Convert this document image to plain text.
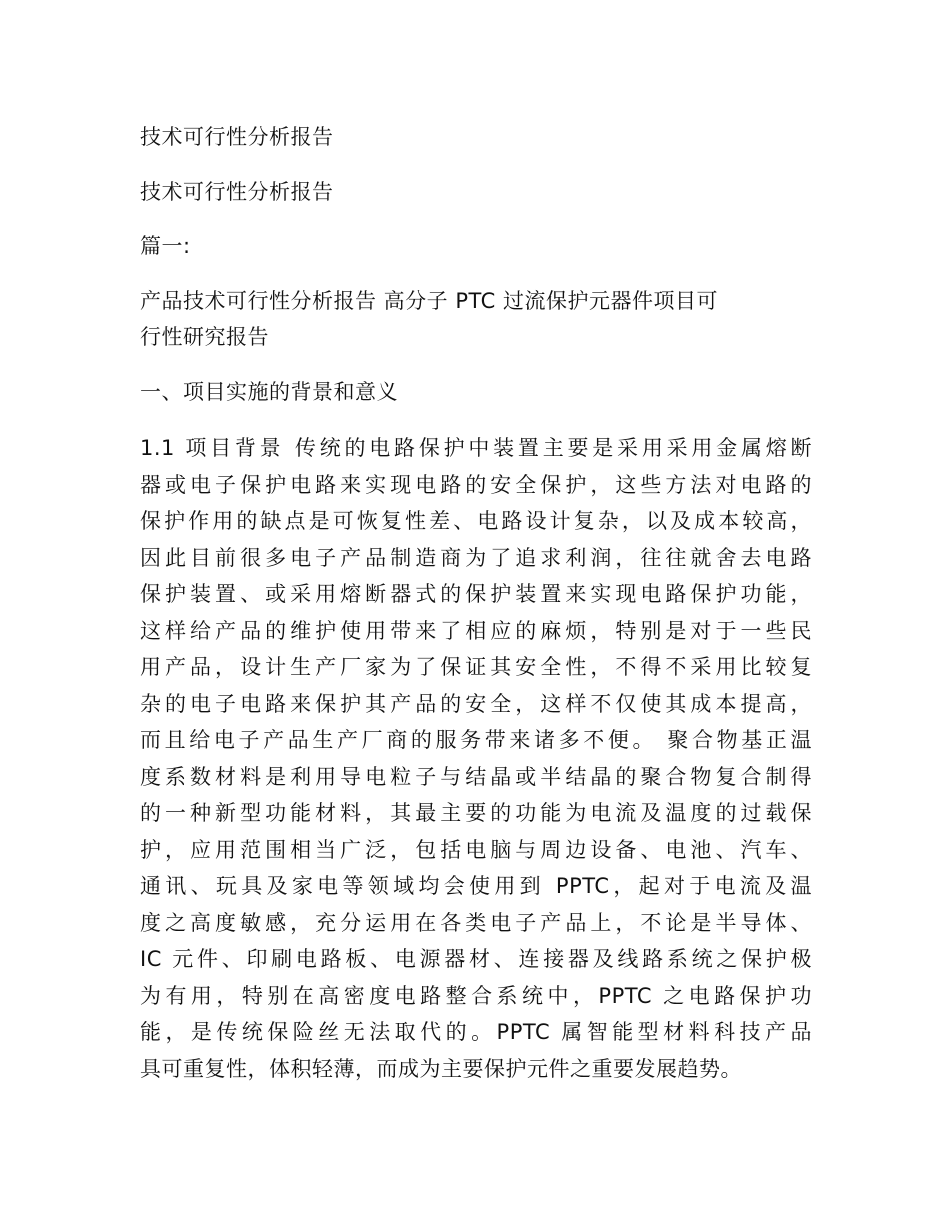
技术可行性分析报告

技术可行性分析报告

篇一:

产品技术可行性分析报告 高分子 PTC 过流保护元器件项目可
行性研究报告

一、项目实施的背景和意义

1.1 项目背景 传统的电路保护中装置主要是采用采用金属熔断
器或电子保护电路来实现电路的安全保护，这些方法对电路的
保护作用的缺点是可恢复性差、电路设计复杂，以及成本较高，
因此目前很多电子产品制造商为了追求利润，往往就舍去电路
保护装置、或采用熔断器式的保护装置来实现电路保护功能，
这样给产品的维护使用带来了相应的麻烦，特别是对于一些民
用产品，设计生产厂家为了保证其安全性，不得不采用比较复
杂的电子电路来保护其产品的安全，这样不仅使其成本提高，
而且给电子产品生产厂商的服务带来诸多不便。 聚合物基正温
度系数材料是利用导电粒子与结晶或半结晶的聚合物复合制得
的一种新型功能材料，其最主要的功能为电流及温度的过载保
护，应用范围相当广泛，包括电脑与周边设备、电池、汽车、
通讯、玩具及家电等领域均会使用到 PPTC，起对于电流及温
度之高度敏感，充分运用在各类电子产品上，不论是半导体、
IC 元件、印刷电路板、电源器材、连接器及线路系统之保护极
为有用，特别在高密度电路整合系统中，PPTC 之电路保护功
能，是传统保险丝无法取代的。PPTC 属智能型材料科技产品
具可重复性，体积轻薄，而成为主要保护元件之重要发展趋势。
